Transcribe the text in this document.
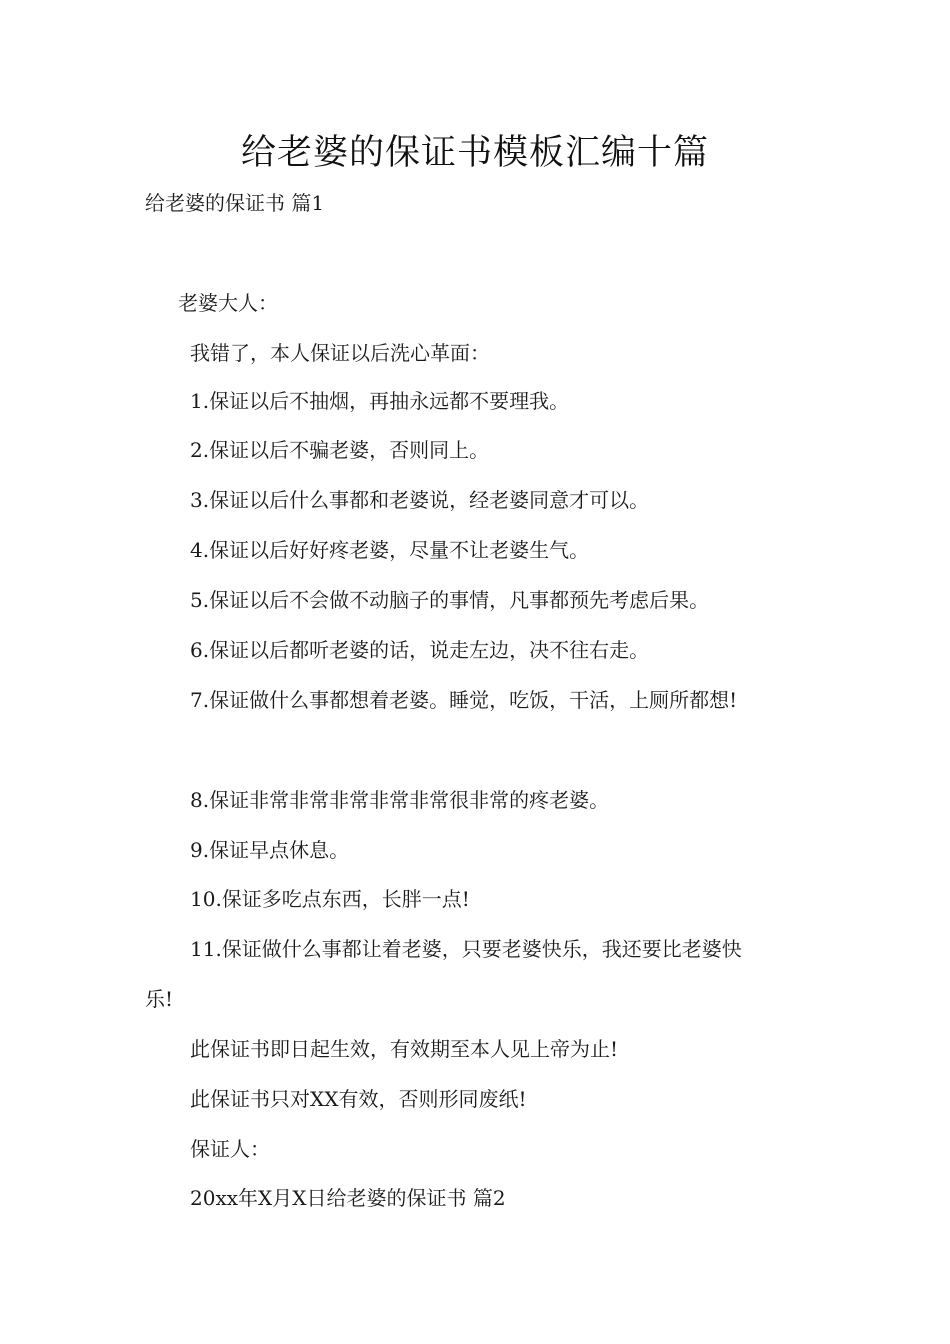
给老婆的保证书模板汇编十篇
给老婆的保证书 篇1
老婆大人：
我错了，本人保证以后洗心革面：
1.保证以后不抽烟，再抽永远都不要理我。
2.保证以后不骗老婆，否则同上。
3.保证以后什么事都和老婆说，经老婆同意才可以。
4.保证以后好好疼老婆，尽量不让老婆生气。
5.保证以后不会做不动脑子的事情，凡事都预先考虑后果。
6.保证以后都听老婆的话，说走左边，决不往右走。
7.保证做什么事都想着老婆。睡觉，吃饭，干活，上厕所都想!
8.保证非常非常非常非常非常很非常的疼老婆。
9.保证早点休息。
10.保证多吃点东西，长胖一点!
11.保证做什么事都让着老婆，只要老婆快乐，我还要比老婆快
乐!
此保证书即日起生效，有效期至本人见上帝为止!
此保证书只对XX有效，否则形同废纸!
保证人：
20xx年X月X日给老婆的保证书 篇2
